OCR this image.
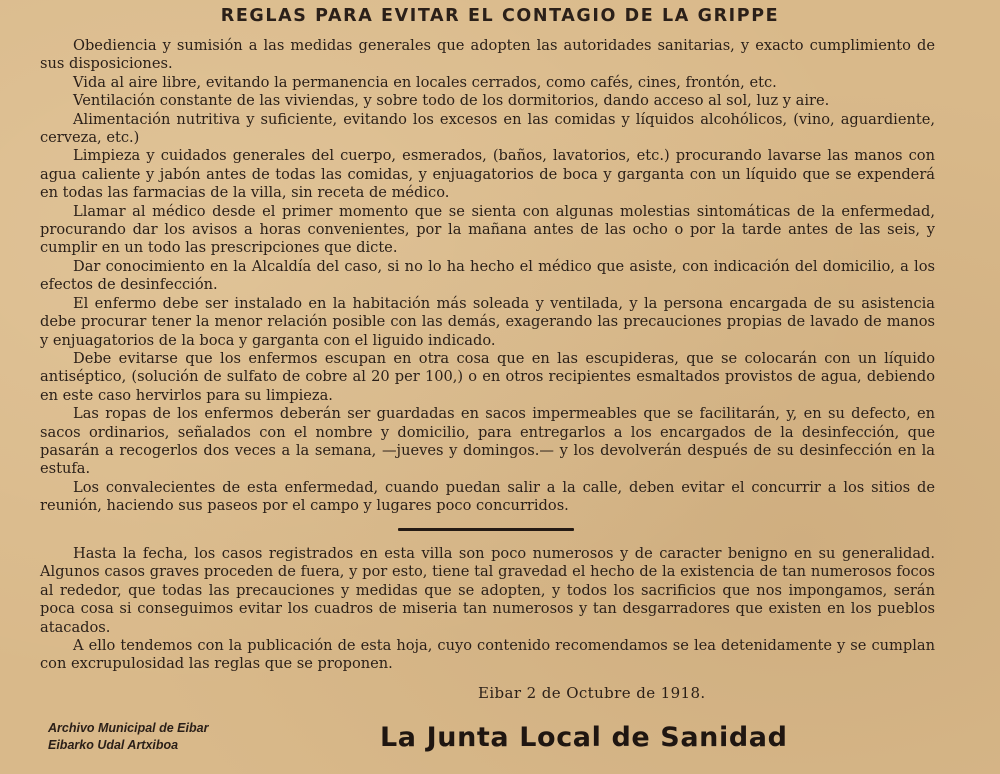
REGLAS PARA EVITAR EL CONTAGIO DE LA GRIPPE

Obediencia y sumisión a las medidas generales que adopten las autoridades sanitarias, y exacto cumplimiento de sus disposiciones.

Vida al aire libre, evitando la permanencia en locales cerrados, como cafés, cines, frontón, etc.

Ventilación constante de las viviendas, y sobre todo de los dormitorios, dando acceso al sol, luz y aire.

Alimentación nutritiva y suficiente, evitando los excesos en las comidas y líquidos alcohólicos, (vino, aguardiente, cerveza, etc.)

Limpieza y cuidados generales del cuerpo, esmerados, (baños, lavatorios, etc.) procurando lavarse las manos con agua caliente y jabón antes de todas las comidas, y enjuagatorios de boca y garganta con un líquido que se expenderá en todas las farmacias de la villa, sin receta de médico.

Llamar al médico desde el primer momento que se sienta con algunas molestias sintomáticas de la enfermedad, procurando dar los avisos a horas convenientes, por la mañana antes de las ocho o por la tarde antes de las seis, y cumplir en un todo las prescripciones que dicte.

Dar conocimiento en la Alcaldía del caso, si no lo ha hecho el médico que asiste, con indicación del domicilio, a los efectos de desinfección.

El enfermo debe ser instalado en la habitación más soleada y ventilada, y la persona encargada de su asistencia debe procurar tener la menor relación posible con las demás, exagerando las precauciones propias de lavado de manos y enjuagatorios de la boca y garganta con el liguido indicado.

Debe evitarse que los enfermos escupan en otra cosa que en las escupideras, que se colocarán con un líquido antiséptico, (solución de sulfato de cobre al 20 per 100,) o en otros recipientes esmaltados provistos de agua, debiendo en este caso hervirlos para su limpieza.

Las ropas de los enfermos deberán ser guardadas en sacos impermeables que se facilitarán, y, en su defecto, en sacos ordinarios, señalados con el nombre y domicilio, para entregarlos a los encargados de la desinfección, que pasarán a recogerlos dos veces a la semana, —jueves y domingos.— y los devolverán después de su desinfección en la estufa.

Los convalecientes de esta enfermedad, cuando puedan salir a la calle, deben evitar el concurrir a los sitios de reunión, haciendo sus paseos por el campo y lugares poco concurridos.

Hasta la fecha, los casos registrados en esta villa son poco numerosos y de caracter benigno en su generalidad. Algunos casos graves proceden de fuera, y por esto, tiene tal gravedad el hecho de la existencia de tan numerosos focos al rededor, que todas las precauciones y medidas que se adopten, y todos los sacrificios que nos impongamos, serán poca cosa si conseguimos evitar los cuadros de miseria tan numerosos y tan desgarradores que existen en los pueblos atacados.

A ello tendemos con la publicación de esta hoja, cuyo contenido recomendamos se lea detenidamente y se cumplan con excrupulosidad las reglas que se proponen.

Eibar 2 de Octubre de 1918.
Archivo Municipal de Eibar
Eibarko Udal Artxiboa	La Junta Local de Sanidad
